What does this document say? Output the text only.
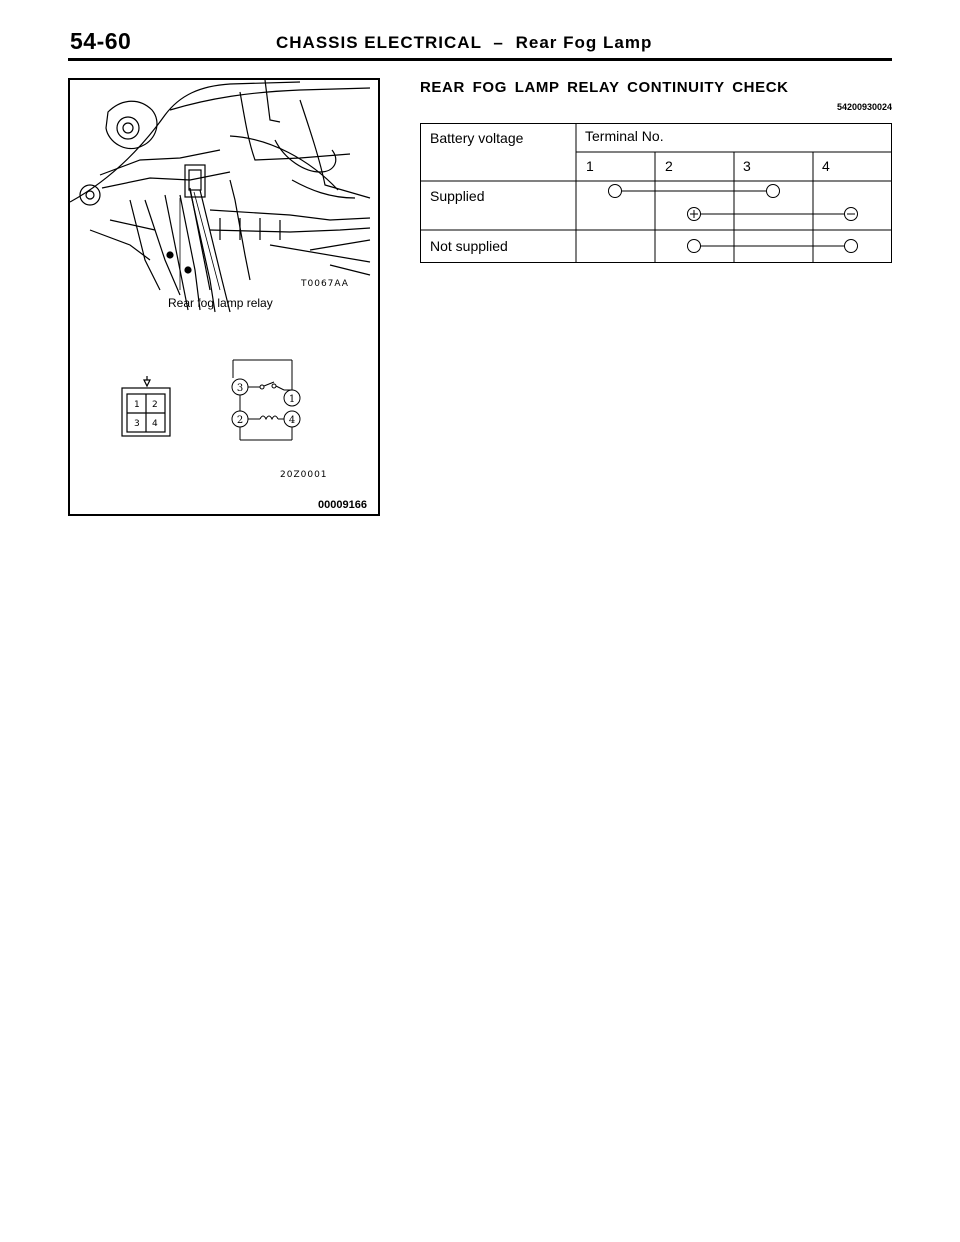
54-60	CHASSIS ELECTRICAL – Rear Fog Lamp
1 2
3 4
3
1
2	4
Rear fog lamp relay
T0067AA
20Z0001
00009166
REAR FOG LAMP RELAY CONTINUITY CHECK
54200930024
Battery voltage	Terminal No.
1	2	3	4
Supplied
Not supplied
